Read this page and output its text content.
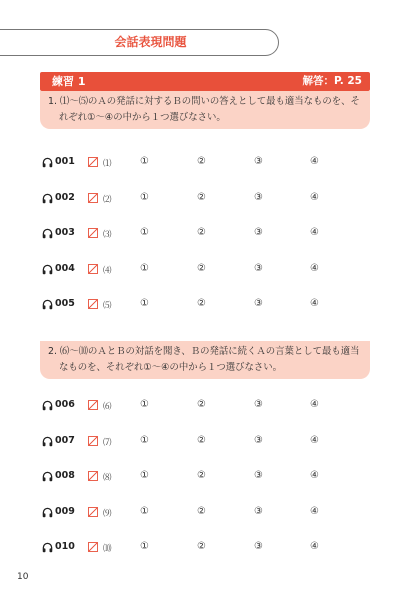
会話表現問題
練習 1	解答：P. 25
1. ⑴〜⑸のＡの発話に対するＢの問いの答えとして最も適当なものを、そ
れぞれ①〜④の中から１つ選びなさい。
2. ⑹〜⑽のＡとＢの対話を聞き、Ｂの発話に続くＡの言葉として最も適当
なものを、それぞれ①〜④の中から１つ選びなさい。
001	⑴	①	②	③	④
002	⑵	①	②	③	④
003	⑶	①	②	③	④
004	⑷	①	②	③	④
005	⑸	①	②	③	④
006	⑹	①	②	③	④
007	⑺	①	②	③	④
008	⑻	①	②	③	④
009	⑼	①	②	③	④
010	⑽	①	②	③	④
10
